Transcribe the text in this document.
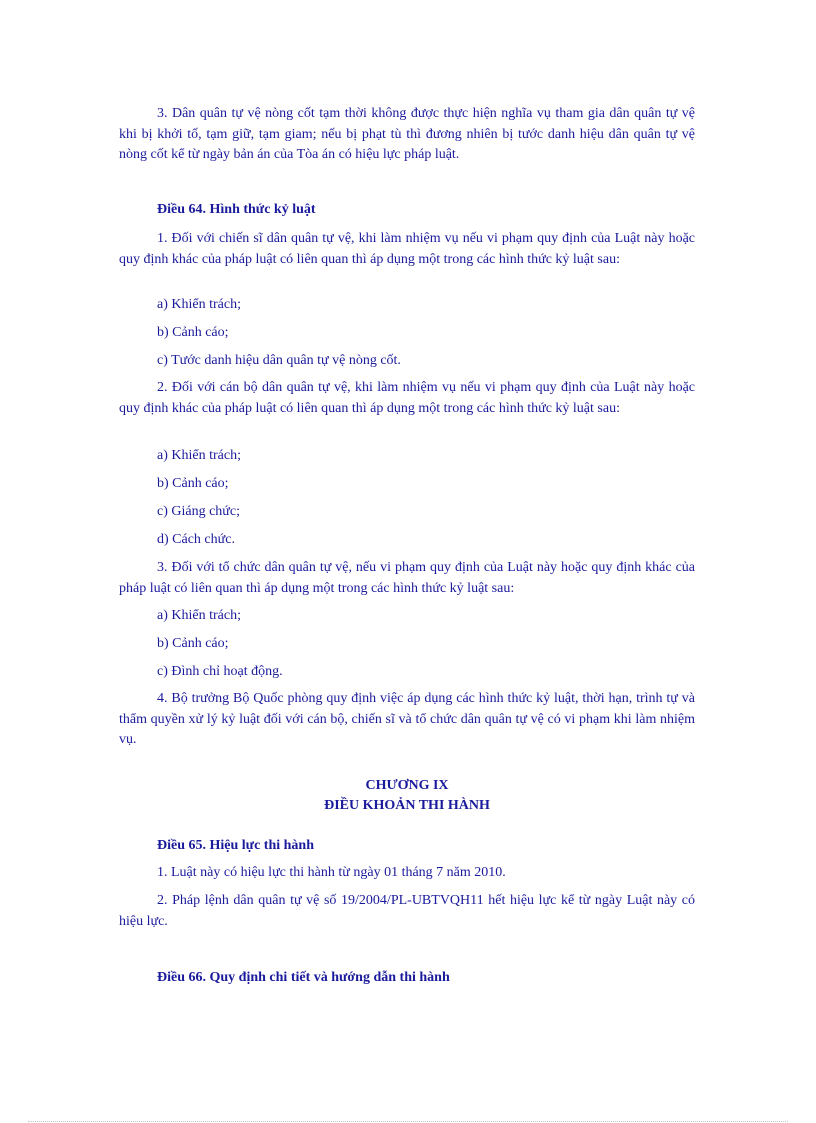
3. Dân quân tự vệ nòng cốt tạm thời không được thực hiện nghĩa vụ tham gia dân quân tự vệ khi bị khởi tố, tạm giữ, tạm giam; nếu bị phạt tù thì đương nhiên bị tước danh hiệu dân quân tự vệ nòng cốt kể từ ngày bản án của Tòa án có hiệu lực pháp luật.

Điều 64. Hình thức kỷ luật

1. Đối với chiến sĩ dân quân tự vệ, khi làm nhiệm vụ nếu vi phạm quy định của Luật này hoặc quy định khác của pháp luật có liên quan thì áp dụng một trong các hình thức kỷ luật sau:

a) Khiển trách;

b) Cảnh cáo;

c) Tước danh hiệu dân quân tự vệ nòng cốt.

2. Đối với cán bộ dân quân tự vệ, khi làm nhiệm vụ nếu vi phạm quy định của Luật này hoặc quy định khác của pháp luật có liên quan thì áp dụng một trong các hình thức kỷ luật sau:

a) Khiển trách;

b) Cảnh cáo;

c) Giáng chức;

d) Cách chức.

3. Đối với tổ chức dân quân tự vệ, nếu vi phạm quy định của Luật này hoặc quy định khác của pháp luật có liên quan thì áp dụng một trong các hình thức kỷ luật sau:

a) Khiển trách;

b) Cảnh cáo;

c) Đình chỉ hoạt động.

4. Bộ trưởng Bộ Quốc phòng quy định việc áp dụng các hình thức kỷ luật, thời hạn, trình tự và thẩm quyền xử lý kỷ luật đối với cán bộ, chiến sĩ và tổ chức dân quân tự vệ có vi phạm khi làm nhiệm vụ.

CHƯƠNG IX

ĐIỀU KHOẢN THI HÀNH

Điều 65. Hiệu lực thi hành

1. Luật này có hiệu lực thi hành từ ngày 01 tháng 7 năm 2010.

2. Pháp lệnh dân quân tự vệ số 19/2004/PL-UBTVQH11 hết hiệu lực kể từ ngày Luật này có hiệu lực.

Điều 66. Quy định chi tiết và hướng dẫn thi hành
